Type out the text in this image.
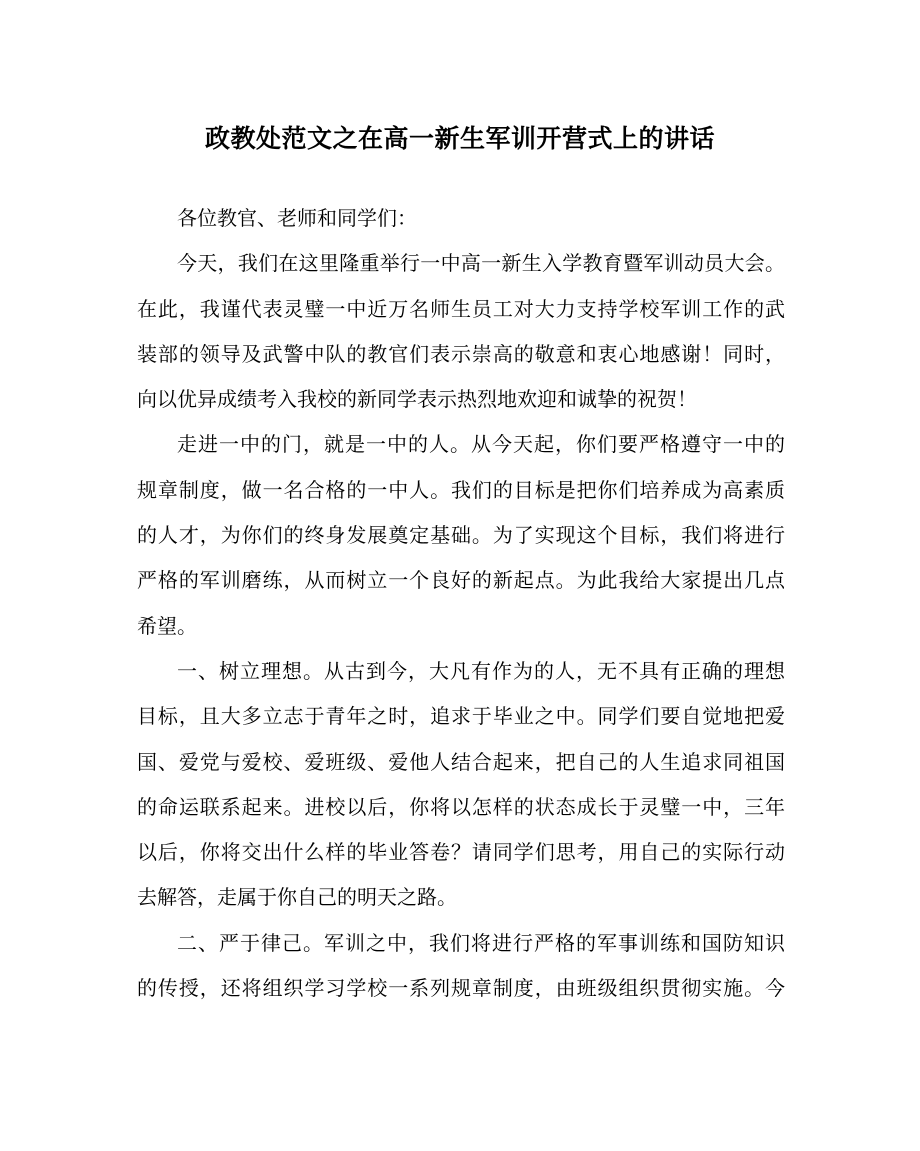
政教处范文之在高一新生军训开营式上的讲话
各位教官、老师和同学们：
今天，我们在这里隆重举行一中高一新生入学教育暨军训动员大会。
在此，我谨代表灵璧一中近万名师生员工对大力支持学校军训工作的武
装部的领导及武警中队的教官们表示崇高的敬意和衷心地感谢！同时，
向以优异成绩考入我校的新同学表示热烈地欢迎和诚挚的祝贺！
走进一中的门，就是一中的人。从今天起，你们要严格遵守一中的
规章制度，做一名合格的一中人。我们的目标是把你们培养成为高素质
的人才，为你们的终身发展奠定基础。为了实现这个目标，我们将进行
严格的军训磨练，从而树立一个良好的新起点。为此我给大家提出几点
希望。
一、树立理想。从古到今，大凡有作为的人，无不具有正确的理想
目标，且大多立志于青年之时，追求于毕业之中。同学们要自觉地把爱
国、爱党与爱校、爱班级、爱他人结合起来，把自己的人生追求同祖国
的命运联系起来。进校以后，你将以怎样的状态成长于灵璧一中，三年
以后，你将交出什么样的毕业答卷？请同学们思考，用自己的实际行动
去解答，走属于你自己的明天之路。
二、严于律己。军训之中，我们将进行严格的军事训练和国防知识
的传授，还将组织学习学校一系列规章制度，由班级组织贯彻实施。今
